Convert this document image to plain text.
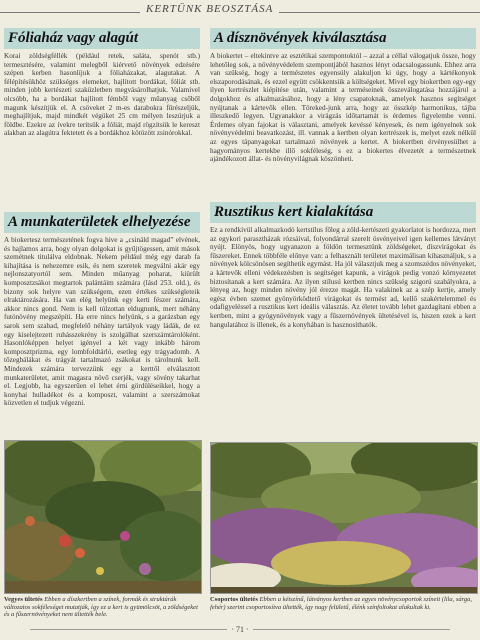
KERTÜNK BEOSZTÁSA
Fóliaház vagy alagút
Korai zöldségféllék (például retek, saláta, spenót stb.) termesztésére, valamint melegből kiérvető növények edzésére szépen kerben hasonlíjuk a fóliaházakat, alagutakat. A félépítésükhöz szükséges elemeket, hajlított bordákat, fóliát stb. minden jobb kertészeti szaküzletben megvásárolhatjuk. Valamivel olcsóbb, ha a bordákat hajlított fémből vagy műanyag csőből magunk készítjük el. A csöveket 2 m-es darabokra fűrészeljük, meghajlítjuk, majd mindkét végüket 25 cm mélyen leszúrjuk a földbe. Ezekre az ívekre terítsük a fóliát, majd rögzítsük le kereszt alakban az alagútra fektetett és a bordákhoz kötözött zsinórokkal.
A munkaterületek elhelyezése
A biokertesz természetének fogva hive a „csináld magad” elvének, és hajlamos arra, hogy olyan dolgokat is gyűjtögessen, amit mások szemétnek titulálva eldobnak. Nekem például még egy darab fa kihajítása is nehezemre esik, és nem szeretek megválni akár egy nejlonszatyortól sem. Minden műanyag poharat, kiürült komposztzsákot megtartok palántáim számára (lásd 253. old.), és bizony sok helyre van szükségem, ezen értékes szükségleteik elraktározására. Ha van elég helyünk egy kerti fészer számára, akkor nincs gond. Nem is kell túlzottan eldugnunk, mert néhány futónövény megszépíti. Ha erre nincs helyünk, s a garázsban egy sarok sem szabad, megfelelő néhány tartályok vagy ládák, de ez egy kiselejtezett ruhásszekrény is szolgálhat szerszámtárolóként. Hasonlóképpen helyet igényel a két vagy inkább három komposztprizma, egy lombfoldtárló, esetleg egy trágyadomb. A tőzegbálákat és trágyát tartalmazó zsákokat is tárolnunk kell. Mindezek számára tervezzünk egy a kerttől elválasztott munkaterületet, amit magasra növő cserjék, vagy sövény takarhat el. Legjobb, ha egyszerűen el lehet érni gördüléseikkel, hogy a konyhai hulladékot és a komposzt, valamint a szerszámokat közvetlen el tudjuk végezni.
A dísznövények kiválasztása
A biokertet – eltekintve az esztétikai szempontoktól – azzal a céllal válogatjuk össze, hogy lehetőleg sok, a növényvédelem szempontjából hasznos lényt odacsalogassunk. Ehhez arra van szükség, hogy a természetes egyensúly alakuljon ki úgy, hogy a kártékonyok elszaporodásának, és ezzel együtt csökkentsük a költségeket. Mivel egy biokertben egy-egy ilyen kertrészlet kiépítése után, valamint a terméseinek összeválogatása hozzájárul a dolgokhoz és alkalmazásához, hogy a lény csapatoknak, amelyek hasznos segítséget nyújtanak a kártevők ellen. Töreked-junk arra, hogy az összkép harmonikus, tájba illeszkedő legyen. Ugyanakkor a virágzás időtartamát is érdemes figyelembe venni. Érdemes olyan fajokat is választani, amelyek kevéssé kényesek, és nem igényelnek sok növényvédelmi beavatkozást, ill. vannak a kertben olyan kertrészek is, melyet ezek nélkül az egyes tápanyagokat tartalmazó növények a kertet. A biokertben érvényesülhet a hagyományos kertekbe illő sokféleség, s ez a biokertes élvezetét a természetnek ajándékozott állat- és növényvilágnak köszönheti.
Rusztikus kert kialakítása
Ez a rendkívül alkalmazkodó kertstílus főleg a zöld-kertészeti gyakorlatot is hordozza, mert az egykori parasztházak rózsáival, folyondárral szerelt ösvényeivel igen kellemes látványt nyújt. Elönyös, hogy ugyanazon a földön termesztünk zöldségeket, díszvirágokat és fűszereket. Ennek többféle előnye van: a felhasznált területet maximálisan kihasználjuk, s a növények kölcsönösen segíthetik egymást. Ha jól választjuk meg a szomszédos növényeket, a kártevők elleni védekezésben is segítséget kapunk, a virágok pedig vonzó környezetet biztosítanak a kert számára. Az ilyen stílusú kertben nincs szükség szigorú szabályokra, a lényeg az, hogy minden növény jól érezze magát. Ha valakinek az a szép kertje, amely egész évben szemet gyönyörködtető virágokat és termést ad, kellő szakértelemmel és odafigyeléssel a rusztikus kert ideális választás. Az életet tovább lehet gazdagítani ebben a kertben, mint a gyógynövények vagy a fűszernövények ültetésével is, hiszen ezek a kert hangulatához is illenek, és a konyhában is hasznosíthatók.
Vegyes ültetés Ebben a díszkertben a színek, formák és struktúrák változatos sokféleséget mutatják, így ez a kert is gyümölcsöt, a zöldségeket és a fűszernövényeket nem ültették bele.
Csoportos ültetés Ebben a kétszínű, látványos kertben az egyes növénycsoportok színeit (lila, sárga, fehér) szerint csoportosítva ültették, így nagy felületű, élénk színfoltokat alakultak ki.
· 71 ·
